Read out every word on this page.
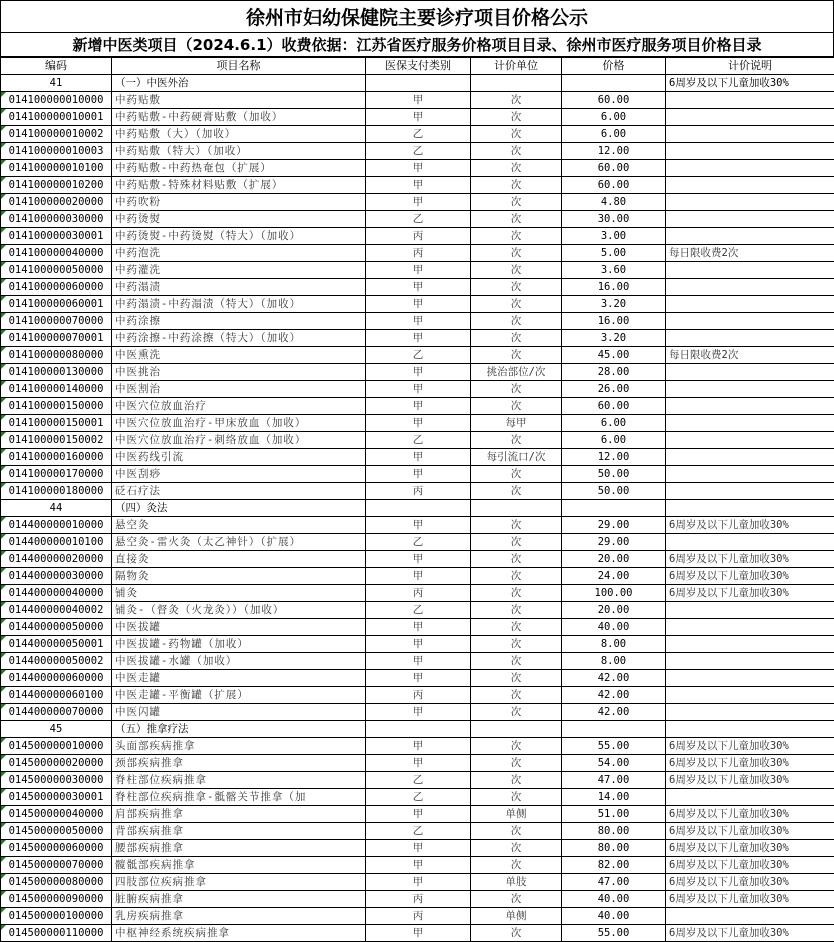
徐州市妇幼保健院主要诊疗项目价格公示
新增中医类项目（2024.6.1）收费依据：江苏省医疗服务价格项目目录、徐州市医疗服务项目价格目录
编码	项目名称	医保支付类别	计价单位	价格	计价说明
41	（一）中医外治				6周岁及以下儿童加收30%
014100000010000	中药贴敷	甲	次	60.00	
014100000010001	中药贴敷-中药硬膏贴敷（加收）	甲	次	6.00	
014100000010002	中药贴敷（大）（加收）	乙	次	6.00	
014100000010003	中药贴敷（特大）（加收）	乙	次	12.00	
014100000010100	中药贴敷-中药热奄包（扩展）	甲	次	60.00	
014100000010200	中药贴敷-特殊材料贴敷（扩展）	甲	次	60.00	
014100000020000	中药吹粉	甲	次	4.80	
014100000030000	中药烫熨	乙	次	30.00	
014100000030001	中药烫熨-中药烫熨（特大）（加收）	丙	次	3.00	
014100000040000	中药泡洗	丙	次	5.00	每日限收费2次
014100000050000	中药灌洗	甲	次	3.60	
014100000060000	中药溻渍	甲	次	16.00	
014100000060001	中药溻渍-中药溻渍（特大）（加收）	甲	次	3.20	
014100000070000	中药涂擦	甲	次	16.00	
014100000070001	中药涂擦-中药涂擦（特大）（加收）	甲	次	3.20	
014100000080000	中医熏洗	乙	次	45.00	每日限收费2次
014100000130000	中医挑治	甲	挑治部位/次	28.00	
014100000140000	中医割治	甲	次	26.00	
014100000150000	中医穴位放血治疗	甲	次	60.00	
014100000150001	中医穴位放血治疗-甲床放血（加收）	甲	每甲	6.00	
014100000150002	中医穴位放血治疗-刺络放血（加收）	乙	次	6.00	
014100000160000	中医药线引流	甲	每引流口/次	12.00	
014100000170000	中医刮痧	甲	次	50.00	
014100000180000	砭石疗法	丙	次	50.00	
44	（四）灸法				
014400000010000	悬空灸	甲	次	29.00	6周岁及以下儿童加收30%
014400000010100	悬空灸-雷火灸（太乙神针）（扩展）	乙	次	29.00	
014400000020000	直接灸	甲	次	20.00	6周岁及以下儿童加收30%
014400000030000	隔物灸	甲	次	24.00	6周岁及以下儿童加收30%
014400000040000	铺灸	丙	次	100.00	6周岁及以下儿童加收30%
014400000040002	铺灸-（督灸（火龙灸））（加收）	乙	次	20.00	
014400000050000	中医拔罐	甲	次	40.00	
014400000050001	中医拔罐-药物罐（加收）	甲	次	8.00	
014400000050002	中医拔罐-水罐（加收）	甲	次	8.00	
014400000060000	中医走罐	甲	次	42.00	
014400000060100	中医走罐-平衡罐（扩展）	丙	次	42.00	
014400000070000	中医闪罐	甲	次	42.00	
45	（五）推拿疗法				
014500000010000	头面部疾病推拿	甲	次	55.00	6周岁及以下儿童加收30%
014500000020000	颈部疾病推拿	甲	次	54.00	6周岁及以下儿童加收30%
014500000030000	脊柱部位疾病推拿	乙	次	47.00	6周岁及以下儿童加收30%
014500000030001	脊柱部位疾病推拿-骶髂关节推拿（加	乙	次	14.00	
014500000040000	肩部疾病推拿	甲	单侧	51.00	6周岁及以下儿童加收30%
014500000050000	背部疾病推拿	乙	次	80.00	6周岁及以下儿童加收30%
014500000060000	腰部疾病推拿	甲	次	80.00	6周岁及以下儿童加收30%
014500000070000	髋骶部疾病推拿	甲	次	82.00	6周岁及以下儿童加收30%
014500000080000	四肢部位疾病推拿	甲	单肢	47.00	6周岁及以下儿童加收30%
014500000090000	脏腑疾病推拿	丙	次	40.00	6周岁及以下儿童加收30%
014500000100000	乳房疾病推拿	丙	单侧	40.00	
014500000110000	中枢神经系统疾病推拿	甲	次	55.00	6周岁及以下儿童加收30%
